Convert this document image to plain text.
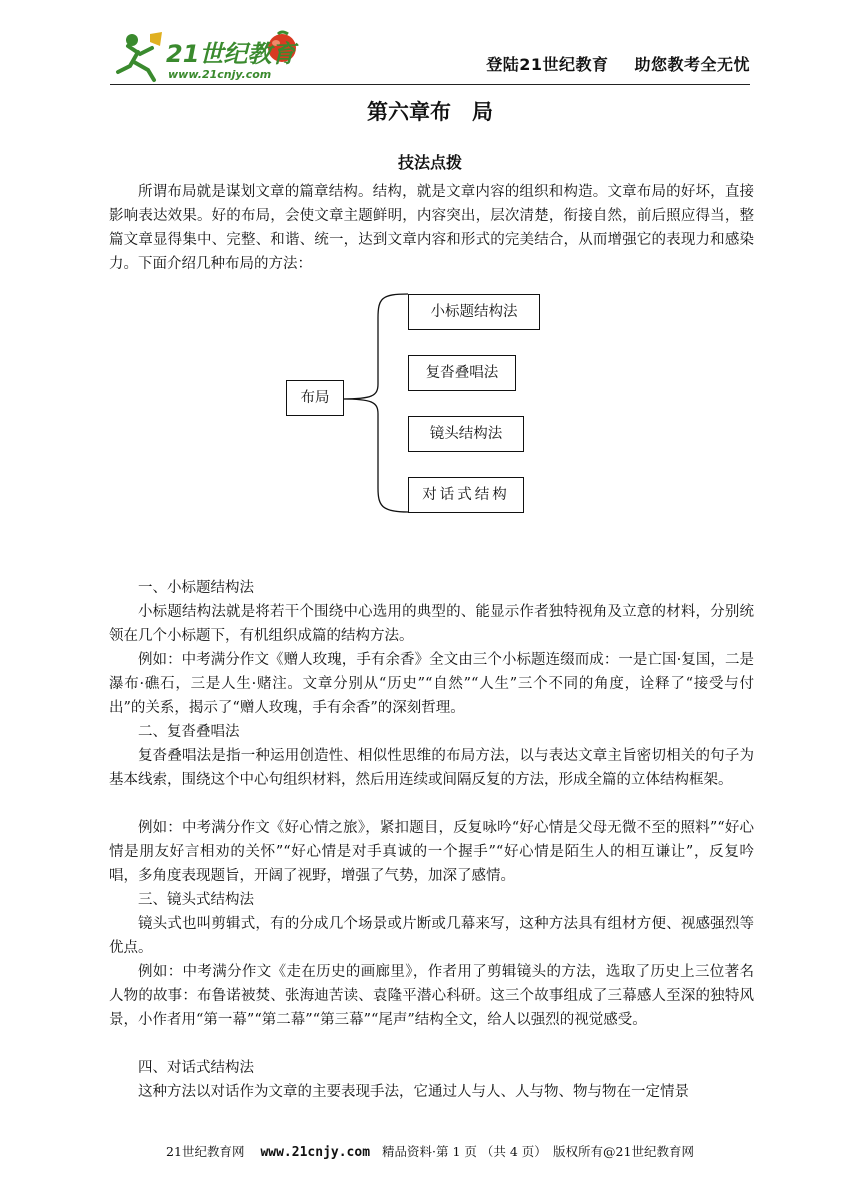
21世纪教育
www.21cnjy.com
登陆21世纪教育 助您教考全无忧
第六章布　局
技法点拨

所谓布局就是谋划文章的篇章结构。结构，就是文章内容的组织和构造。文章布局的好坏，直接影响表达效果。好的布局，会使文章主题鲜明，内容突出，层次清楚，衔接自然，前后照应得当，整篇文章显得集中、完整、和谐、统一，达到文章内容和形式的完美结合，从而增强它的表现力和感染力。下面介绍几种布局的方法：

布局
小标题结构法
复沓叠唱法
镜头结构法
对话式结构

一、小标题结构法

小标题结构法就是将若干个围绕中心选用的典型的、能显示作者独特视角及立意的材料，分别统领在几个小标题下，有机组织成篇的结构方法。

例如：中考满分作文《赠人玫瑰，手有余香》全文由三个小标题连缀而成：一是亡国·复国，二是瀑布·礁石，三是人生·赌注。文章分别从“历史”“自然”“人生”三个不同的角度，诠释了“接受与付出”的关系，揭示了“赠人玫瑰，手有余香”的深刻哲理。

二、复沓叠唱法

复沓叠唱法是指一种运用创造性、相似性思维的布局方法，以与表达文章主旨密切相关的句子为基本线索，围绕这个中心句组织材料，然后用连续或间隔反复的方法，形成全篇的立体结构框架。

例如：中考满分作文《好心情之旅》，紧扣题目，反复咏吟“好心情是父母无微不至的照料”“好心情是朋友好言相劝的关怀”“好心情是对手真诚的一个握手”“好心情是陌生人的相互谦让”，反复吟唱，多角度表现题旨，开阔了视野，增强了气势，加深了感情。

三、镜头式结构法

镜头式也叫剪辑式，有的分成几个场景或片断或几幕来写，这种方法具有组材方便、视感强烈等优点。

例如：中考满分作文《走在历史的画廊里》，作者用了剪辑镜头的方法，选取了历史上三位著名人物的故事：布鲁诺被焚、张海迪苦读、袁隆平潜心科研。这三个故事组成了三幕感人至深的独特风景，小作者用“第一幕”“第二幕”“第三幕”“尾声”结构全文，给人以强烈的视觉感受。

四、对话式结构法

这种方法以对话作为文章的主要表现手法，它通过人与人、人与物、物与物在一定情景

21世纪教育网 www.21cnjy.com 精品资料·第 1 页 （共 4 页）　 版权所有@21世纪教育网
